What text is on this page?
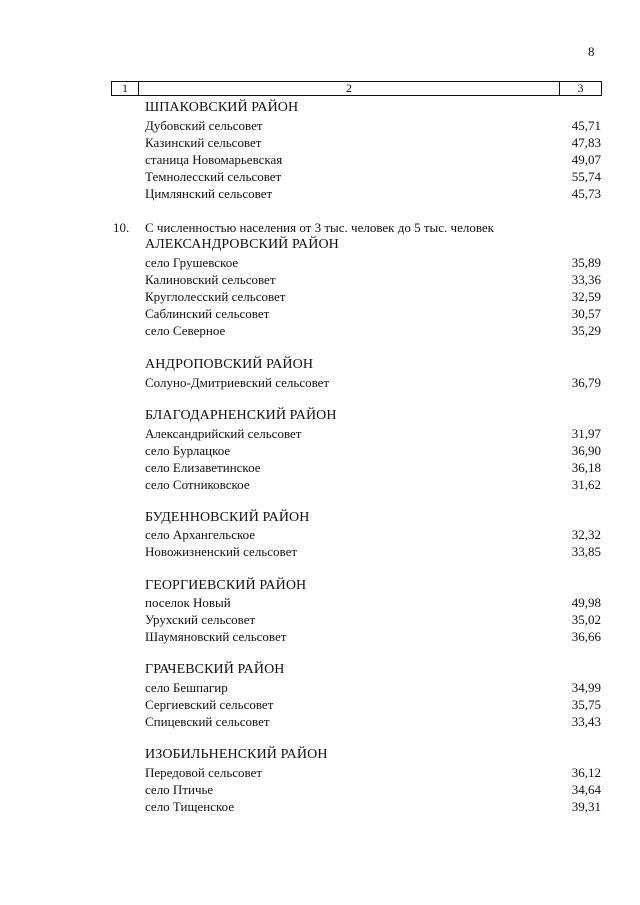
8
1	2	3
ШПАКОВСКИЙ РАЙОН
Дубовский сельсовет	45,71
Казинский сельсовет	47,83
станица Новомарьевская	49,07
Темнолесский сельсовет	55,74
Цимлянский сельсовет	45,73
10. С численностью населения от 3 тыс. человек до 5 тыс. человек
АЛЕКСАНДРОВСКИЙ РАЙОН
село Грушевское	35,89
Калиновский сельсовет	33,36
Круглолесский сельсовет	32,59
Саблинский сельсовет	30,57
село Северное	35,29
АНДРОПОВСКИЙ РАЙОН
Солуно-Дмитриевский сельсовет	36,79
БЛАГОДАРНЕНСКИЙ РАЙОН
Александрийский сельсовет	31,97
село Бурлацкое	36,90
село Елизаветинское	36,18
село Сотниковское	31,62
БУДЕННОВСКИЙ РАЙОН
село Архангельское	32,32
Новожизненский сельсовет	33,85
ГЕОРГИЕВСКИЙ РАЙОН
поселок Новый	49,98
Урухский сельсовет	35,02
Шаумяновский сельсовет	36,66
ГРАЧЕВСКИЙ РАЙОН
село Бешпагир	34,99
Сергиевский сельсовет	35,75
Спицевский сельсовет	33,43
ИЗОБИЛЬНЕНСКИЙ РАЙОН
Передовой сельсовет	36,12
село Птичье	34,64
село Тищенское	39,31
